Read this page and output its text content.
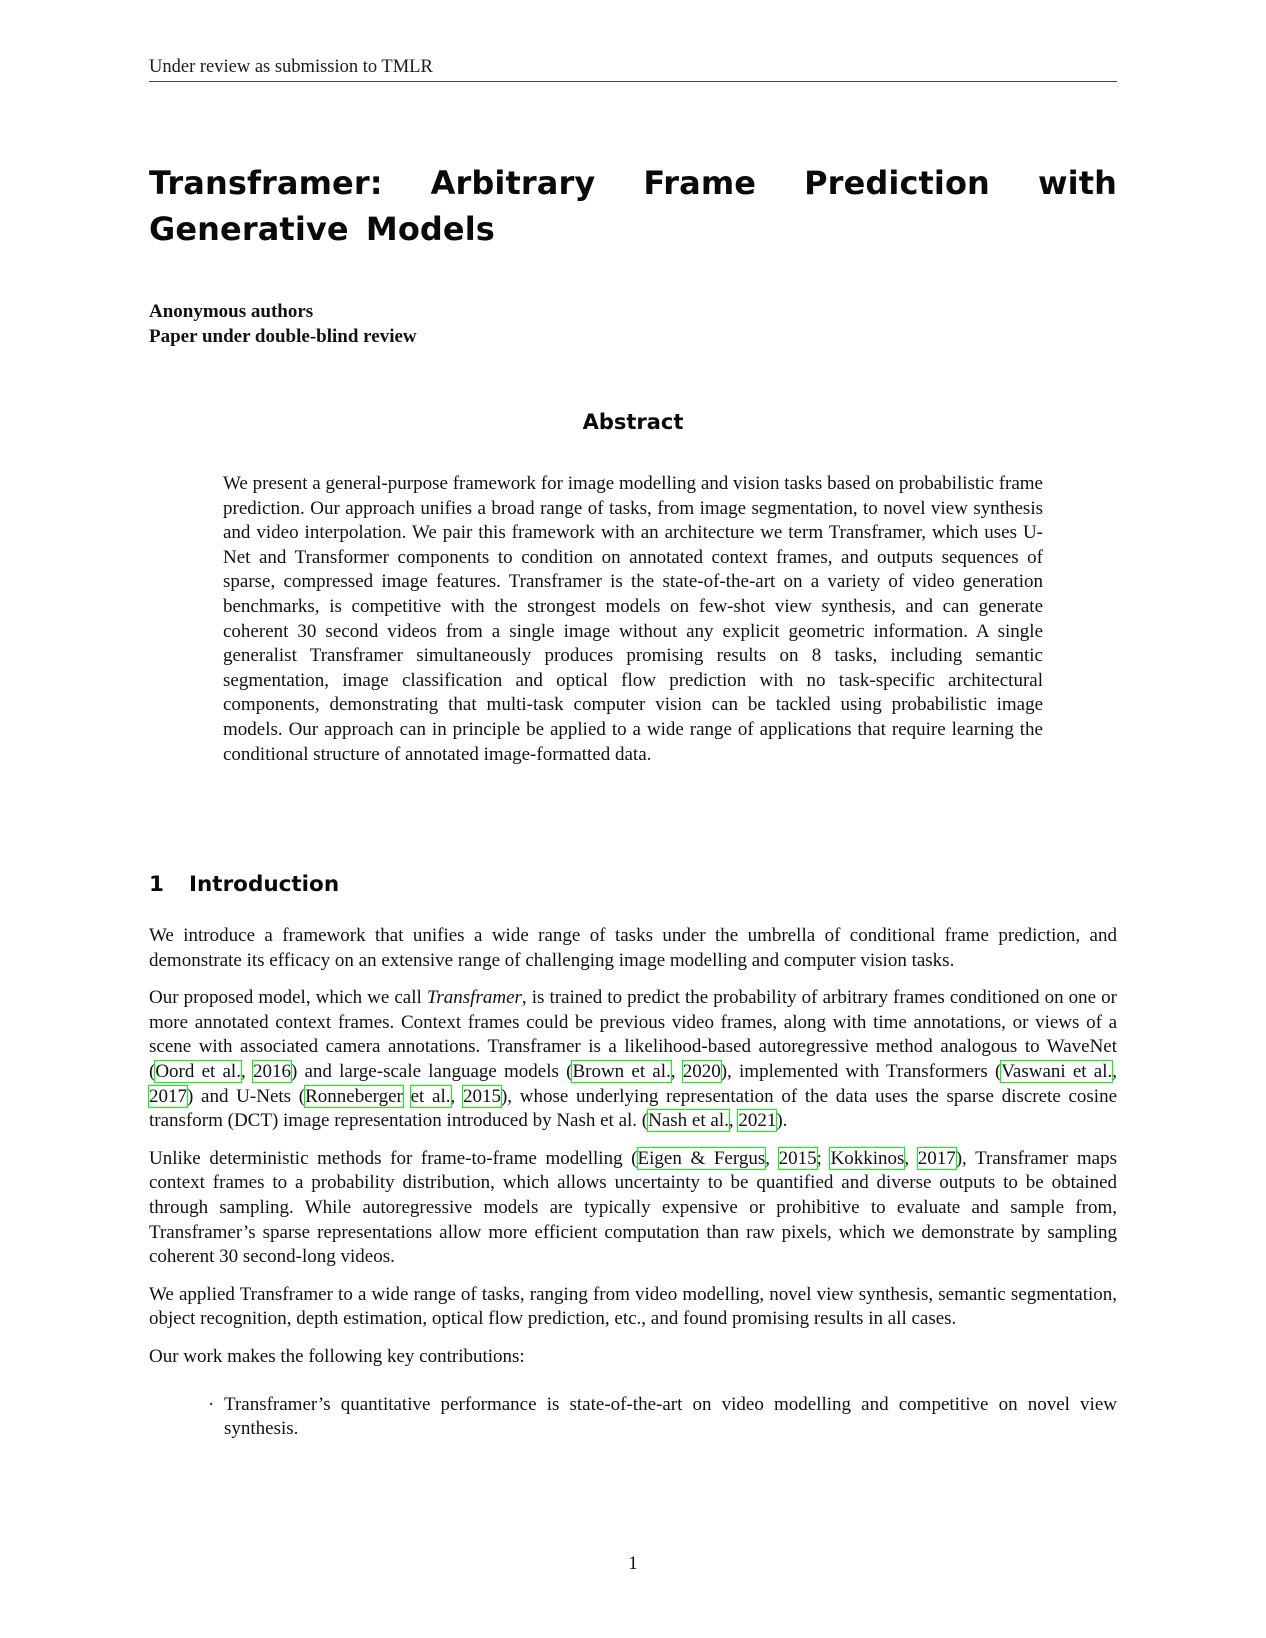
Under review as submission to TMLR
Transframer: Arbitrary Frame Prediction with Generative Models
Anonymous authors
Paper under double-blind review
Abstract

We present a general-purpose framework for image modelling and vision tasks based on probabilistic frame prediction. Our approach unifies a broad range of tasks, from image segmentation, to novel view synthesis and video interpolation. We pair this framework with an architecture we term Transframer, which uses U-Net and Transformer components to condition on annotated context frames, and outputs sequences of sparse, compressed image features. Transframer is the state-of-the-art on a variety of video generation benchmarks, is competitive with the strongest models on few-shot view synthesis, and can generate coherent 30 second videos from a single image without any explicit geometric information. A single generalist Transframer simultaneously produces promising results on 8 tasks, including semantic segmentation, image classification and optical flow prediction with no task-specific architectural components, demonstrating that multi-task computer vision can be tackled using probabilistic image models. Our approach can in principle be applied to a wide range of applications that require learning the conditional structure of annotated image-formatted data.

1 Introduction

We introduce a framework that unifies a wide range of tasks under the umbrella of conditional frame prediction, and demonstrate its efficacy on an extensive range of challenging image modelling and computer vision tasks.

Our proposed model, which we call Transframer, is trained to predict the probability of arbitrary frames conditioned on one or more annotated context frames. Context frames could be previous video frames, along with time annotations, or views of a scene with associated camera annotations. Transframer is a likelihood-based autoregressive method analogous to WaveNet (Oord et al., 2016) and large-scale language models (Brown et al., 2020), implemented with Transformers (Vaswani et al., 2017) and U-Nets (Ronneberger et al., 2015), whose underlying representation of the data uses the sparse discrete cosine transform (DCT) image representation introduced by Nash et al. (Nash et al., 2021).

Unlike deterministic methods for frame-to-frame modelling (Eigen & Fergus, 2015; Kokkinos, 2017), Transframer maps context frames to a probability distribution, which allows uncertainty to be quantified and diverse outputs to be obtained through sampling. While autoregressive models are typically expensive or prohibitive to evaluate and sample from, Transframer’s sparse representations allow more efficient computation than raw pixels, which we demonstrate by sampling coherent 30 second-long videos.

We applied Transframer to a wide range of tasks, ranging from video modelling, novel view synthesis, semantic segmentation, object recognition, depth estimation, optical flow prediction, etc., and found promising results in all cases.

Our work makes the following key contributions:

· Transframer’s quantitative performance is state-of-the-art on video modelling and competitive on novel view synthesis.
1
